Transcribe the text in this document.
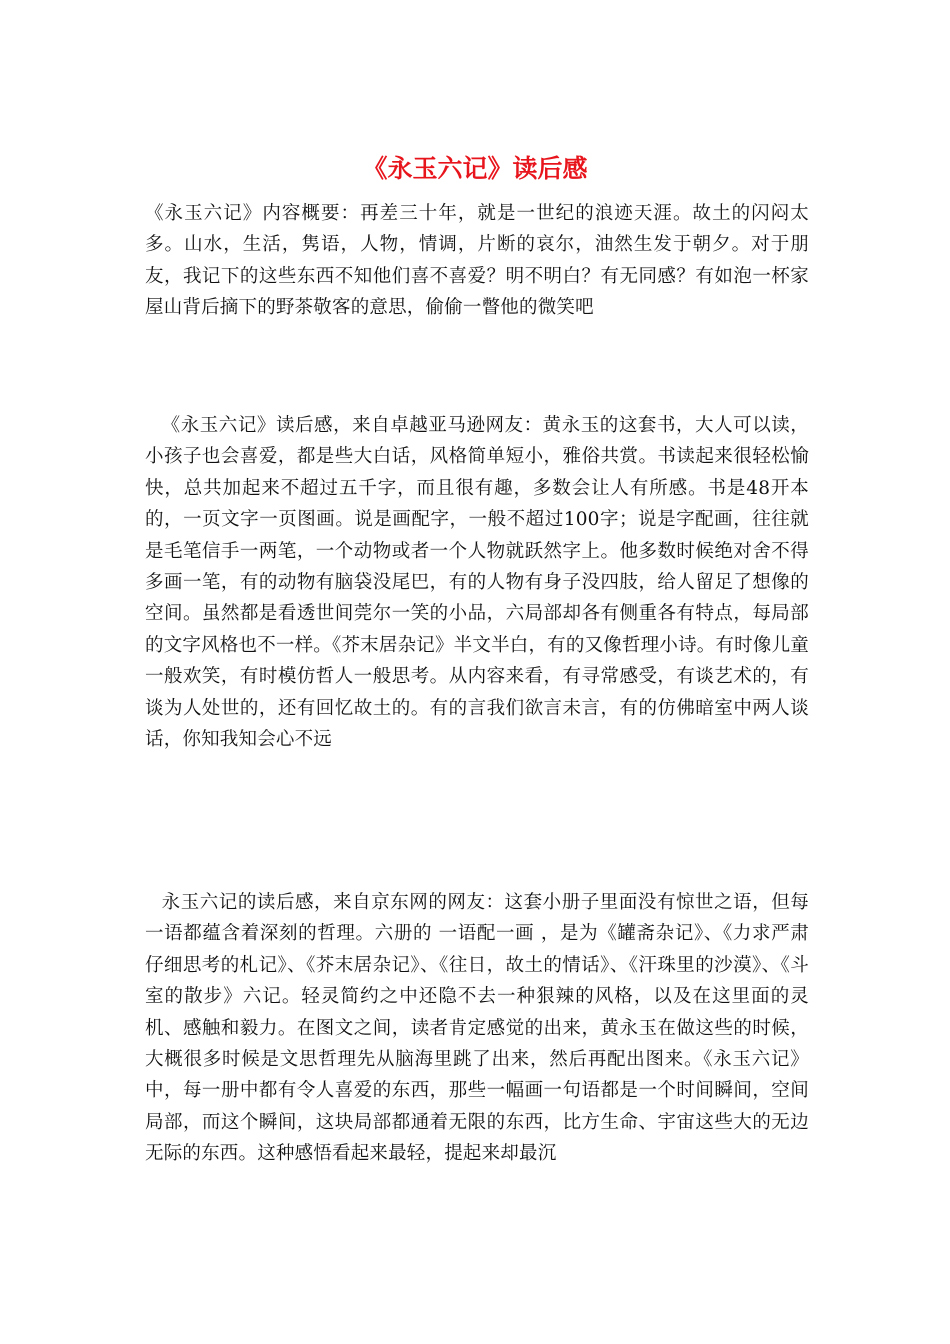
《永玉六记》读后感

《永玉六记》内容概要：再差三十年，就是一世纪的浪迹天涯。故土的闪闷太多。山水，生活，隽语，人物，情调，片断的哀尔，油然生发于朝夕。对于朋友，我记下的这些东西不知他们喜不喜爱？明不明白？有无同感？有如泡一杯家屋山背后摘下的野茶敬客的意思，偷偷一瞥他的微笑吧

《永玉六记》读后感，来自卓越亚马逊网友：黄永玉的这套书，大人可以读，小孩子也会喜爱，都是些大白话，风格简单短小，雅俗共赏。书读起来很轻松愉快，总共加起来不超过五千字，而且很有趣，多数会让人有所感。书是48开本的，一页文字一页图画。说是画配字，一般不超过100字；说是字配画，往往就是毛笔信手一两笔，一个动物或者一个人物就跃然字上。他多数时候绝对舍不得多画一笔，有的动物有脑袋没尾巴，有的人物有身子没四肢，给人留足了想像的空间。虽然都是看透世间莞尔一笑的小品，六局部却各有侧重各有特点，每局部的文字风格也不一样。《芥末居杂记》半文半白，有的又像哲理小诗。有时像儿童一般欢笑，有时模仿哲人一般思考。从内容来看，有寻常感受，有谈艺术的，有谈为人处世的，还有回忆故土的。有的言我们欲言未言，有的仿佛暗室中两人谈话，你知我知会心不远

永玉六记的读后感，来自京东网的网友：这套小册子里面没有惊世之语，但每一语都蕴含着深刻的哲理。六册的 一语配一画 ，是为《罐斋杂记》、《力求严肃仔细思考的札记》、《芥末居杂记》、《往日，故土的情话》、《汗珠里的沙漠》、《斗室的散步》六记。轻灵简约之中还隐不去一种狠辣的风格，以及在这里面的灵机、感触和毅力。在图文之间，读者肯定感觉的出来，黄永玉在做这些的时候，大概很多时候是文思哲理先从脑海里跳了出来，然后再配出图来。《永玉六记》中，每一册中都有令人喜爱的东西，那些一幅画一句语都是一个时间瞬间，空间局部，而这个瞬间，这块局部都通着无限的东西，比方生命、宇宙这些大的无边无际的东西。这种感悟看起来最轻，提起来却最沉
